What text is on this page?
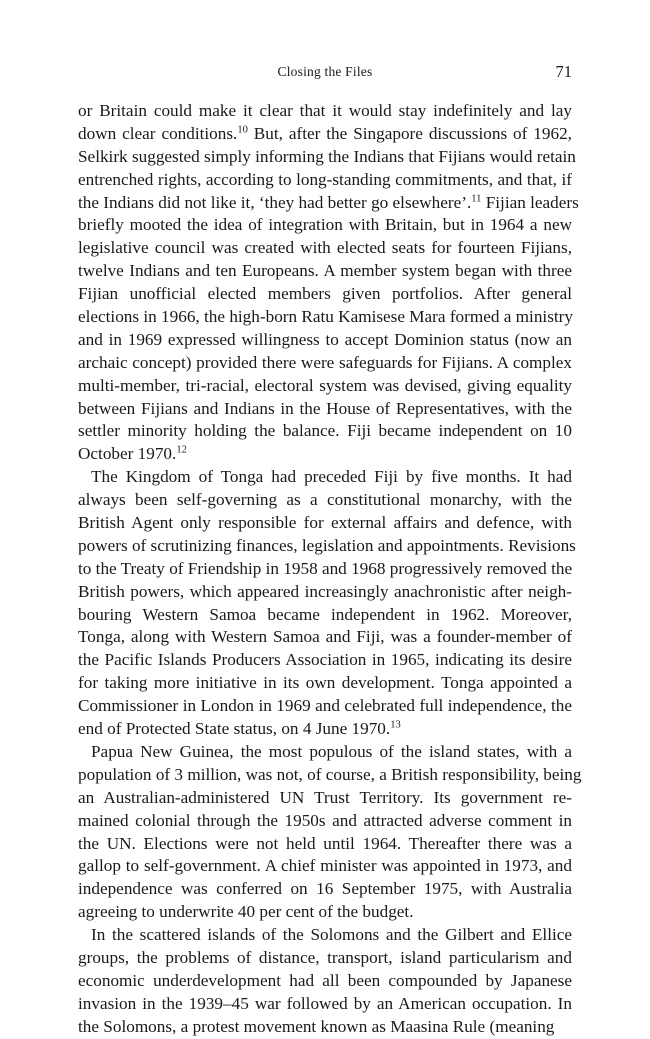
Closing the Files	71
or Britain could make it clear that it would stay indefinitely and lay
down clear conditions.$^{10}$ But, after the Singapore discussions of 1962,
Selkirk suggested simply informing the Indians that Fijians would retain
entrenched rights, according to long-standing commitments, and that, if
the Indians did not like it, ‘they had better go elsewhere’.$^{11}$ Fijian leaders
briefly mooted the idea of integration with Britain, but in 1964 a new
legislative council was created with elected seats for fourteen Fijians,
twelve Indians and ten Europeans. A member system began with three
Fijian unofficial elected members given portfolios. After general
elections in 1966, the high-born Ratu Kamisese Mara formed a ministry
and in 1969 expressed willingness to accept Dominion status (now an
archaic concept) provided there were safeguards for Fijians. A complex
multi-member, tri-racial, electoral system was devised, giving equality
between Fijians and Indians in the House of Representatives, with the
settler minority holding the balance. Fiji became independent on 10
October 1970.12
The Kingdom of Tonga had preceded Fiji by five months. It had
always been self-governing as a constitutional monarchy, with the
British Agent only responsible for external affairs and defence, with
powers of scrutinizing finances, legislation and appointments. Revisions
to the Treaty of Friendship in 1958 and 1968 progressively removed the
British powers, which appeared increasingly anachronistic after neigh-
bouring Western Samoa became independent in 1962. Moreover,
Tonga, along with Western Samoa and Fiji, was a founder-member of
the Pacific Islands Producers Association in 1965, indicating its desire
for taking more initiative in its own development. Tonga appointed a
Commissioner in London in 1969 and celebrated full independence, the
end of Protected State status, on 4 June 1970.13
Papua New Guinea, the most populous of the island states, with a
population of 3 million, was not, of course, a British responsibility, being
an Australian-administered UN Trust Territory. Its government re-
mained colonial through the 1950s and attracted adverse comment in
the UN. Elections were not held until 1964. Thereafter there was a
gallop to self-government. A chief minister was appointed in 1973, and
independence was conferred on 16 September 1975, with Australia
agreeing to underwrite 40 per cent of the budget.
In the scattered islands of the Solomons and the Gilbert and Ellice
groups, the problems of distance, transport, island particularism and
economic underdevelopment had all been compounded by Japanese
invasion in the 1939–45 war followed by an American occupation. In
the Solomons, a protest movement known as Maasina Rule (meaning
